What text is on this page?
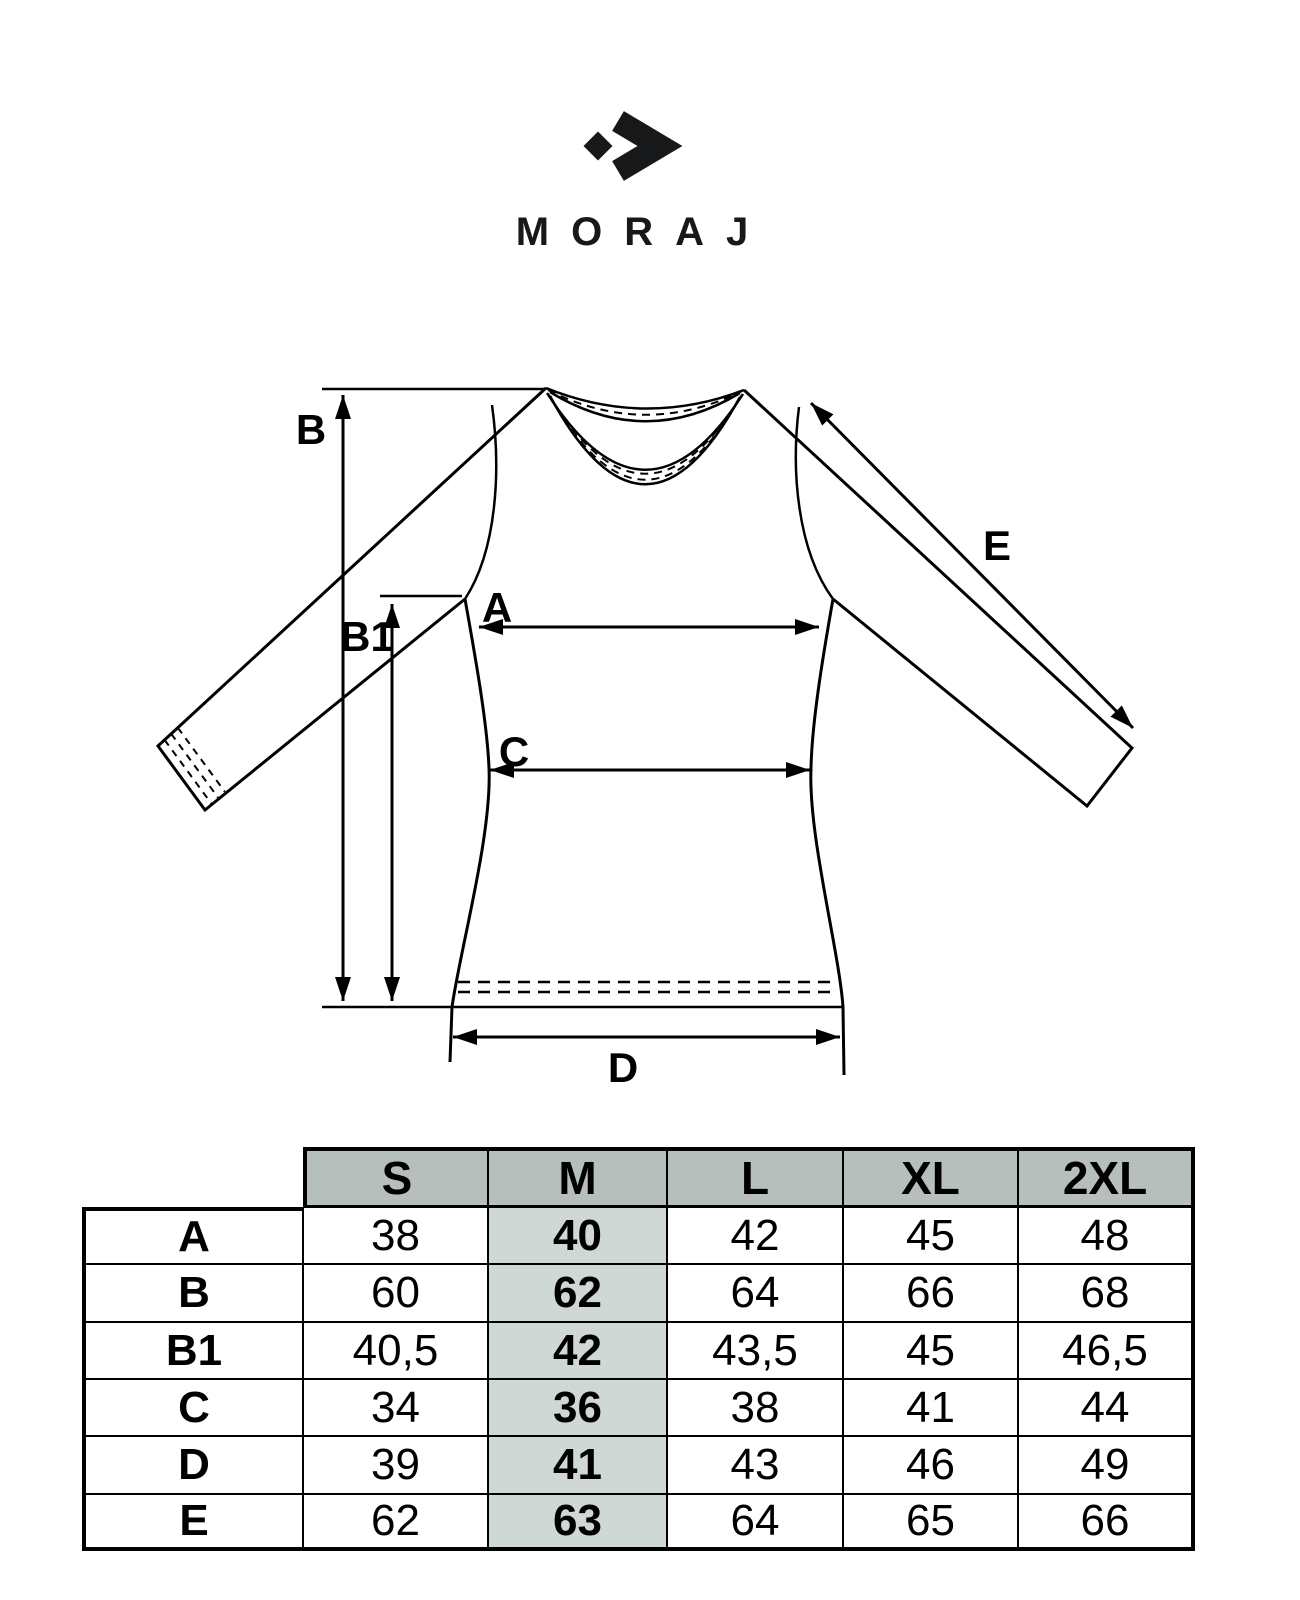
MORAJ
B
B1
A
C
D
E
S	M	L	XL	2XL
A	38	40	42	45	48
B	60	62	64	66	68
B1	40,5	42	43,5	45	46,5
C	34	36	38	41	44
D	39	41	43	46	49
E	62	63	64	65	66
